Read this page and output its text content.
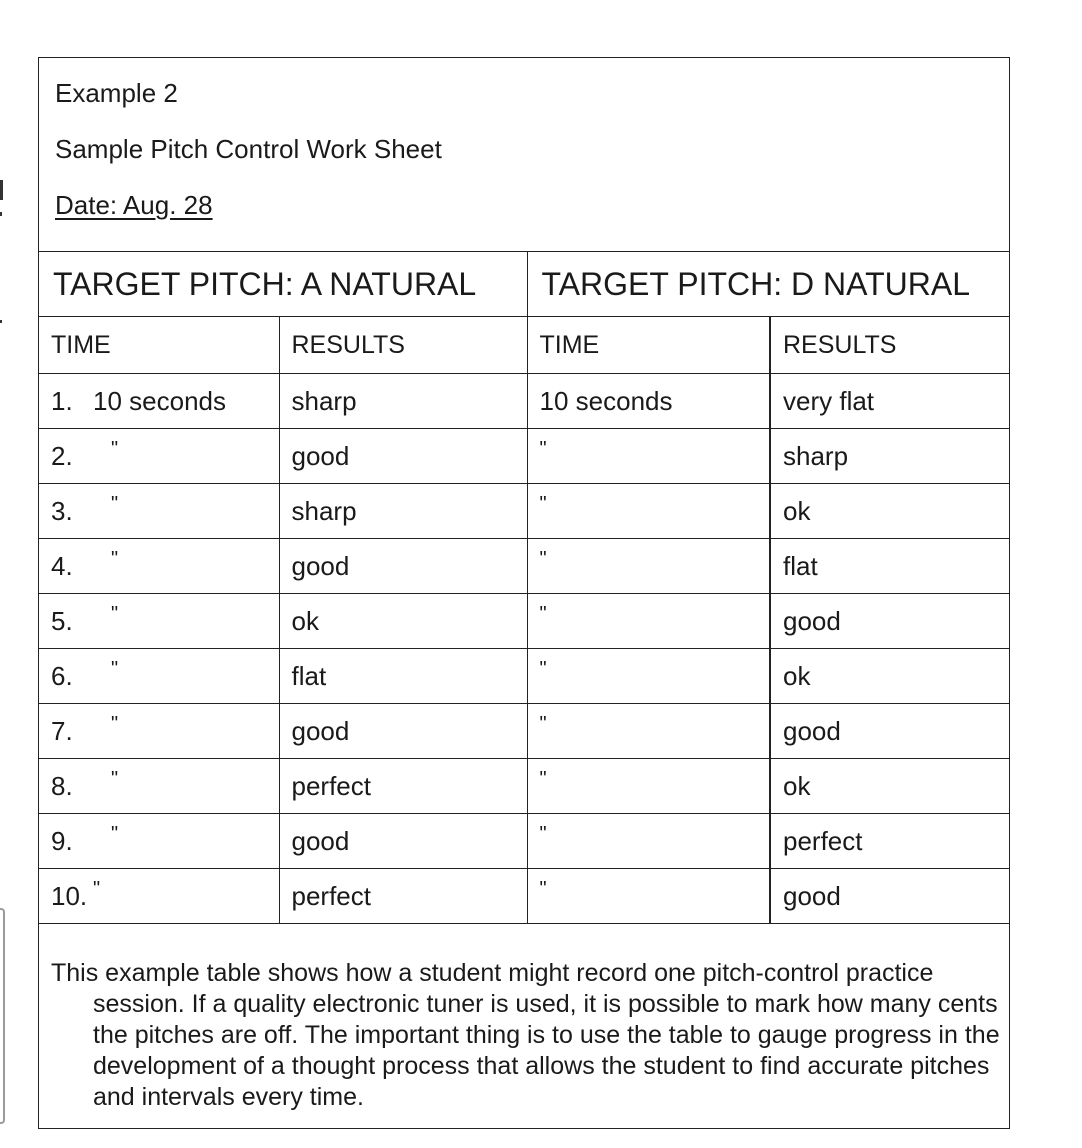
Example 2
Sample Pitch Control Work Sheet
Date: Aug. 28
TARGET PITCH: A NATURAL		TARGET PITCH: D NATURAL	
TIME	RESULTS	TIME	RESULTS
1. 10 seconds	sharp	10 seconds	very flat
2. "	good	"	sharp
3. "	sharp	"	ok
4. "	good	"	flat
5. "	ok	"	good
6. "	flat	"	ok
7. "	good	"	good
8. "	perfect	"	ok
9. "	good	"	perfect
10. "	perfect	"	good

This example table shows how a student might record one pitch-control practice session. If a quality electronic tuner is used, it is possible to mark how many cents the pitches are off. The important thing is to use the table to gauge progress in the development of a thought process that allows the student to find accurate pitches and intervals every time.
